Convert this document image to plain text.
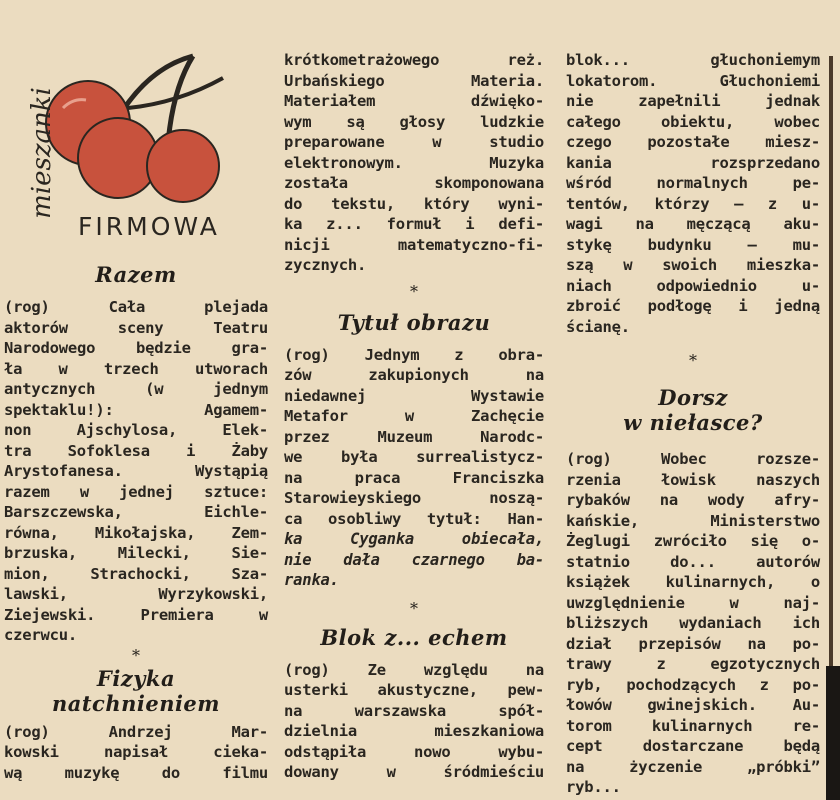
mieszanki
FIRMOWA

Razem

(rog) Cała plejada
aktorów sceny Teatru
Narodowego będzie gra-
ła w trzech utworach
antycznych (w jednym
spektaklu!): Agamem-
non Ajschylosa, Elek-
tra Sofoklesa i Żaby
Arystofanesa. Wystąpią
razem w jednej sztuce:
Barszczewska, Eichle-
równa, Mikołajska, Zem-
brzuska, Milecki, Sie-
mion, Strachocki, Sza-
lawski, Wyrzykowski,
Ziejewski. Premiera w
czerwcu.
*

Fizyka
natchnieniem

(rog) Andrzej Mar-
kowski napisał cieka-
wą muzykę do filmu
krótkometrażowego reż.
Urbańskiego Materia.
Materiałem dźwięko-
wym są głosy ludzkie
preparowane w studio
elektronowym. Muzyka
została skomponowana
do tekstu, który wyni-
ka z... formuł i defi-
nicji matematyczno-fi-
zycznych.
*

Tytuł obrazu

(rog) Jednym z obra-
zów zakupionych na
niedawnej Wystawie
Metafor w Zachęcie
przez Muzeum Narodc-
we była surrealistycz-
na praca Franciszka
Starowieyskiego noszą-
ca osobliwy tytuł: Han-
ka Cyganka obiecała,
nie dała czarnego ba-
ranka.
*

Blok z... echem

(rog) Ze względu na
usterki akustyczne, pew-
na warszawska spół-
dzielnia mieszkaniowa
odstąpiła nowo wybu-
dowany w śródmieściu
blok... głuchoniemym
lokatorom. Głuchoniemi
nie zapełnili jednak
całego obiektu, wobec
czego pozostałe miesz-
kania rozsprzedano
wśród normalnych pe-
tentów, którzy — z u-
wagi na męczącą aku-
stykę budynku — mu-
szą w swoich mieszka-
niach odpowiednio u-
zbroić podłogę i jedną
ścianę.
*

Dorsz
w niełasce?

(rog) Wobec rozsze-
rzenia łowisk naszych
rybaków na wody afry-
kańskie, Ministerstwo
Żeglugi zwróciło się o-
statnio do... autorów
książek kulinarnych, o
uwzględnienie w naj-
bliższych wydaniach ich
dział przepisów na po-
trawy z egzotycznych
ryb, pochodzących z po-
łowów gwinejskich. Au-
torom kulinarnych re-
cept dostarczane będą
na życzenie „próbki”
ryb...
